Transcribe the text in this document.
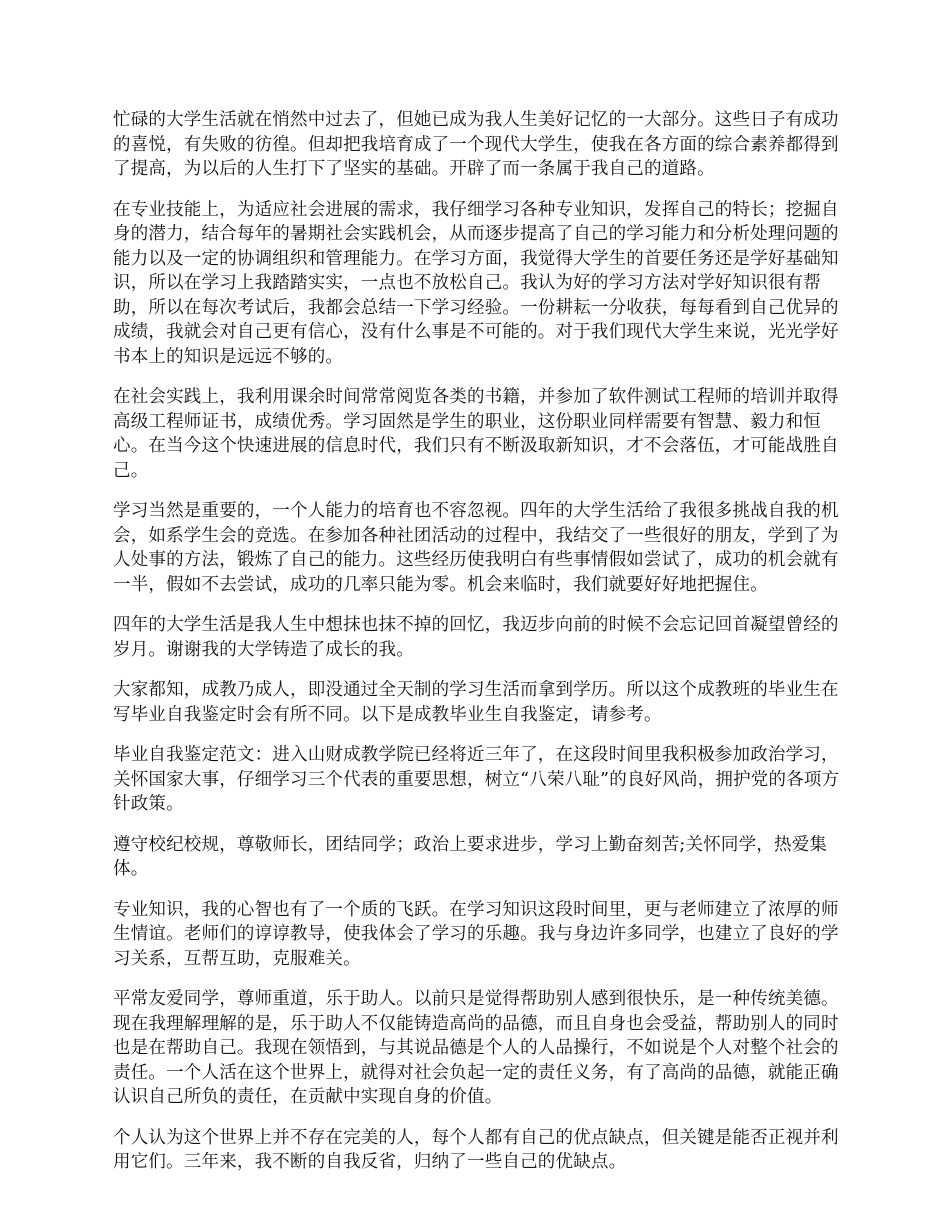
忙碌的大学生活就在悄然中过去了，但她已成为我人生美好记忆的一大部分。这些日子有成功的喜悦，有失败的彷徨。但却把我培育成了一个现代大学生，使我在各方面的综合素养都得到了提高，为以后的人生打下了坚实的基础。开辟了而一条属于我自己的道路。

在专业技能上，为适应社会进展的需求，我仔细学习各种专业知识，发挥自己的特长；挖掘自身的潜力，结合每年的暑期社会实践机会，从而逐步提高了自己的学习能力和分析处理问题的能力以及一定的协调组织和管理能力。在学习方面，我觉得大学生的首要任务还是学好基础知识，所以在学习上我踏踏实实，一点也不放松自己。我认为好的学习方法对学好知识很有帮助，所以在每次考试后，我都会总结一下学习经验。一份耕耘一分收获，每每看到自己优异的成绩，我就会对自己更有信心，没有什么事是不可能的。对于我们现代大学生来说，光光学好书本上的知识是远远不够的。

在社会实践上，我利用课余时间常常阅览各类的书籍，并参加了软件测试工程师的培训并取得高级工程师证书，成绩优秀。学习固然是学生的职业，这份职业同样需要有智慧、毅力和恒心。在当今这个快速进展的信息时代，我们只有不断汲取新知识，才不会落伍，才可能战胜自己。

学习当然是重要的，一个人能力的培育也不容忽视。四年的大学生活给了我很多挑战自我的机会，如系学生会的竞选。在参加各种社团活动的过程中，我结交了一些很好的朋友，学到了为人处事的方法，锻炼了自己的能力。这些经历使我明白有些事情假如尝试了，成功的机会就有一半，假如不去尝试，成功的几率只能为零。机会来临时，我们就要好好地把握住。

四年的大学生活是我人生中想抹也抹不掉的回忆，我迈步向前的时候不会忘记回首凝望曾经的岁月。谢谢我的大学铸造了成长的我。

大家都知，成教乃成人，即没通过全天制的学习生活而拿到学历。所以这个成教班的毕业生在写毕业自我鉴定时会有所不同。以下是成教毕业生自我鉴定，请参考。

毕业自我鉴定范文：进入山财成教学院已经将近三年了，在这段时间里我积极参加政治学习，关怀国家大事，仔细学习三个代表的重要思想，树立“八荣八耻”的良好风尚，拥护党的各项方针政策。

遵守校纪校规，尊敬师长，团结同学；政治上要求进步，学习上勤奋刻苦;关怀同学，热爱集体。

专业知识，我的心智也有了一个质的飞跃。在学习知识这段时间里，更与老师建立了浓厚的师生情谊。老师们的谆谆教导，使我体会了学习的乐趣。我与身边许多同学，也建立了良好的学习关系，互帮互助，克服难关。

平常友爱同学，尊师重道，乐于助人。以前只是觉得帮助别人感到很快乐，是一种传统美德。现在我理解理解的是，乐于助人不仅能铸造高尚的品德，而且自身也会受益，帮助别人的同时也是在帮助自己。我现在领悟到，与其说品德是个人的人品操行，不如说是个人对整个社会的责任。一个人活在这个世界上，就得对社会负起一定的责任义务，有了高尚的品德，就能正确认识自己所负的责任，在贡献中实现自身的价值。

个人认为这个世界上并不存在完美的人，每个人都有自己的优点缺点，但关键是能否正视并利用它们。三年来，我不断的自我反省，归纳了一些自己的优缺点。
